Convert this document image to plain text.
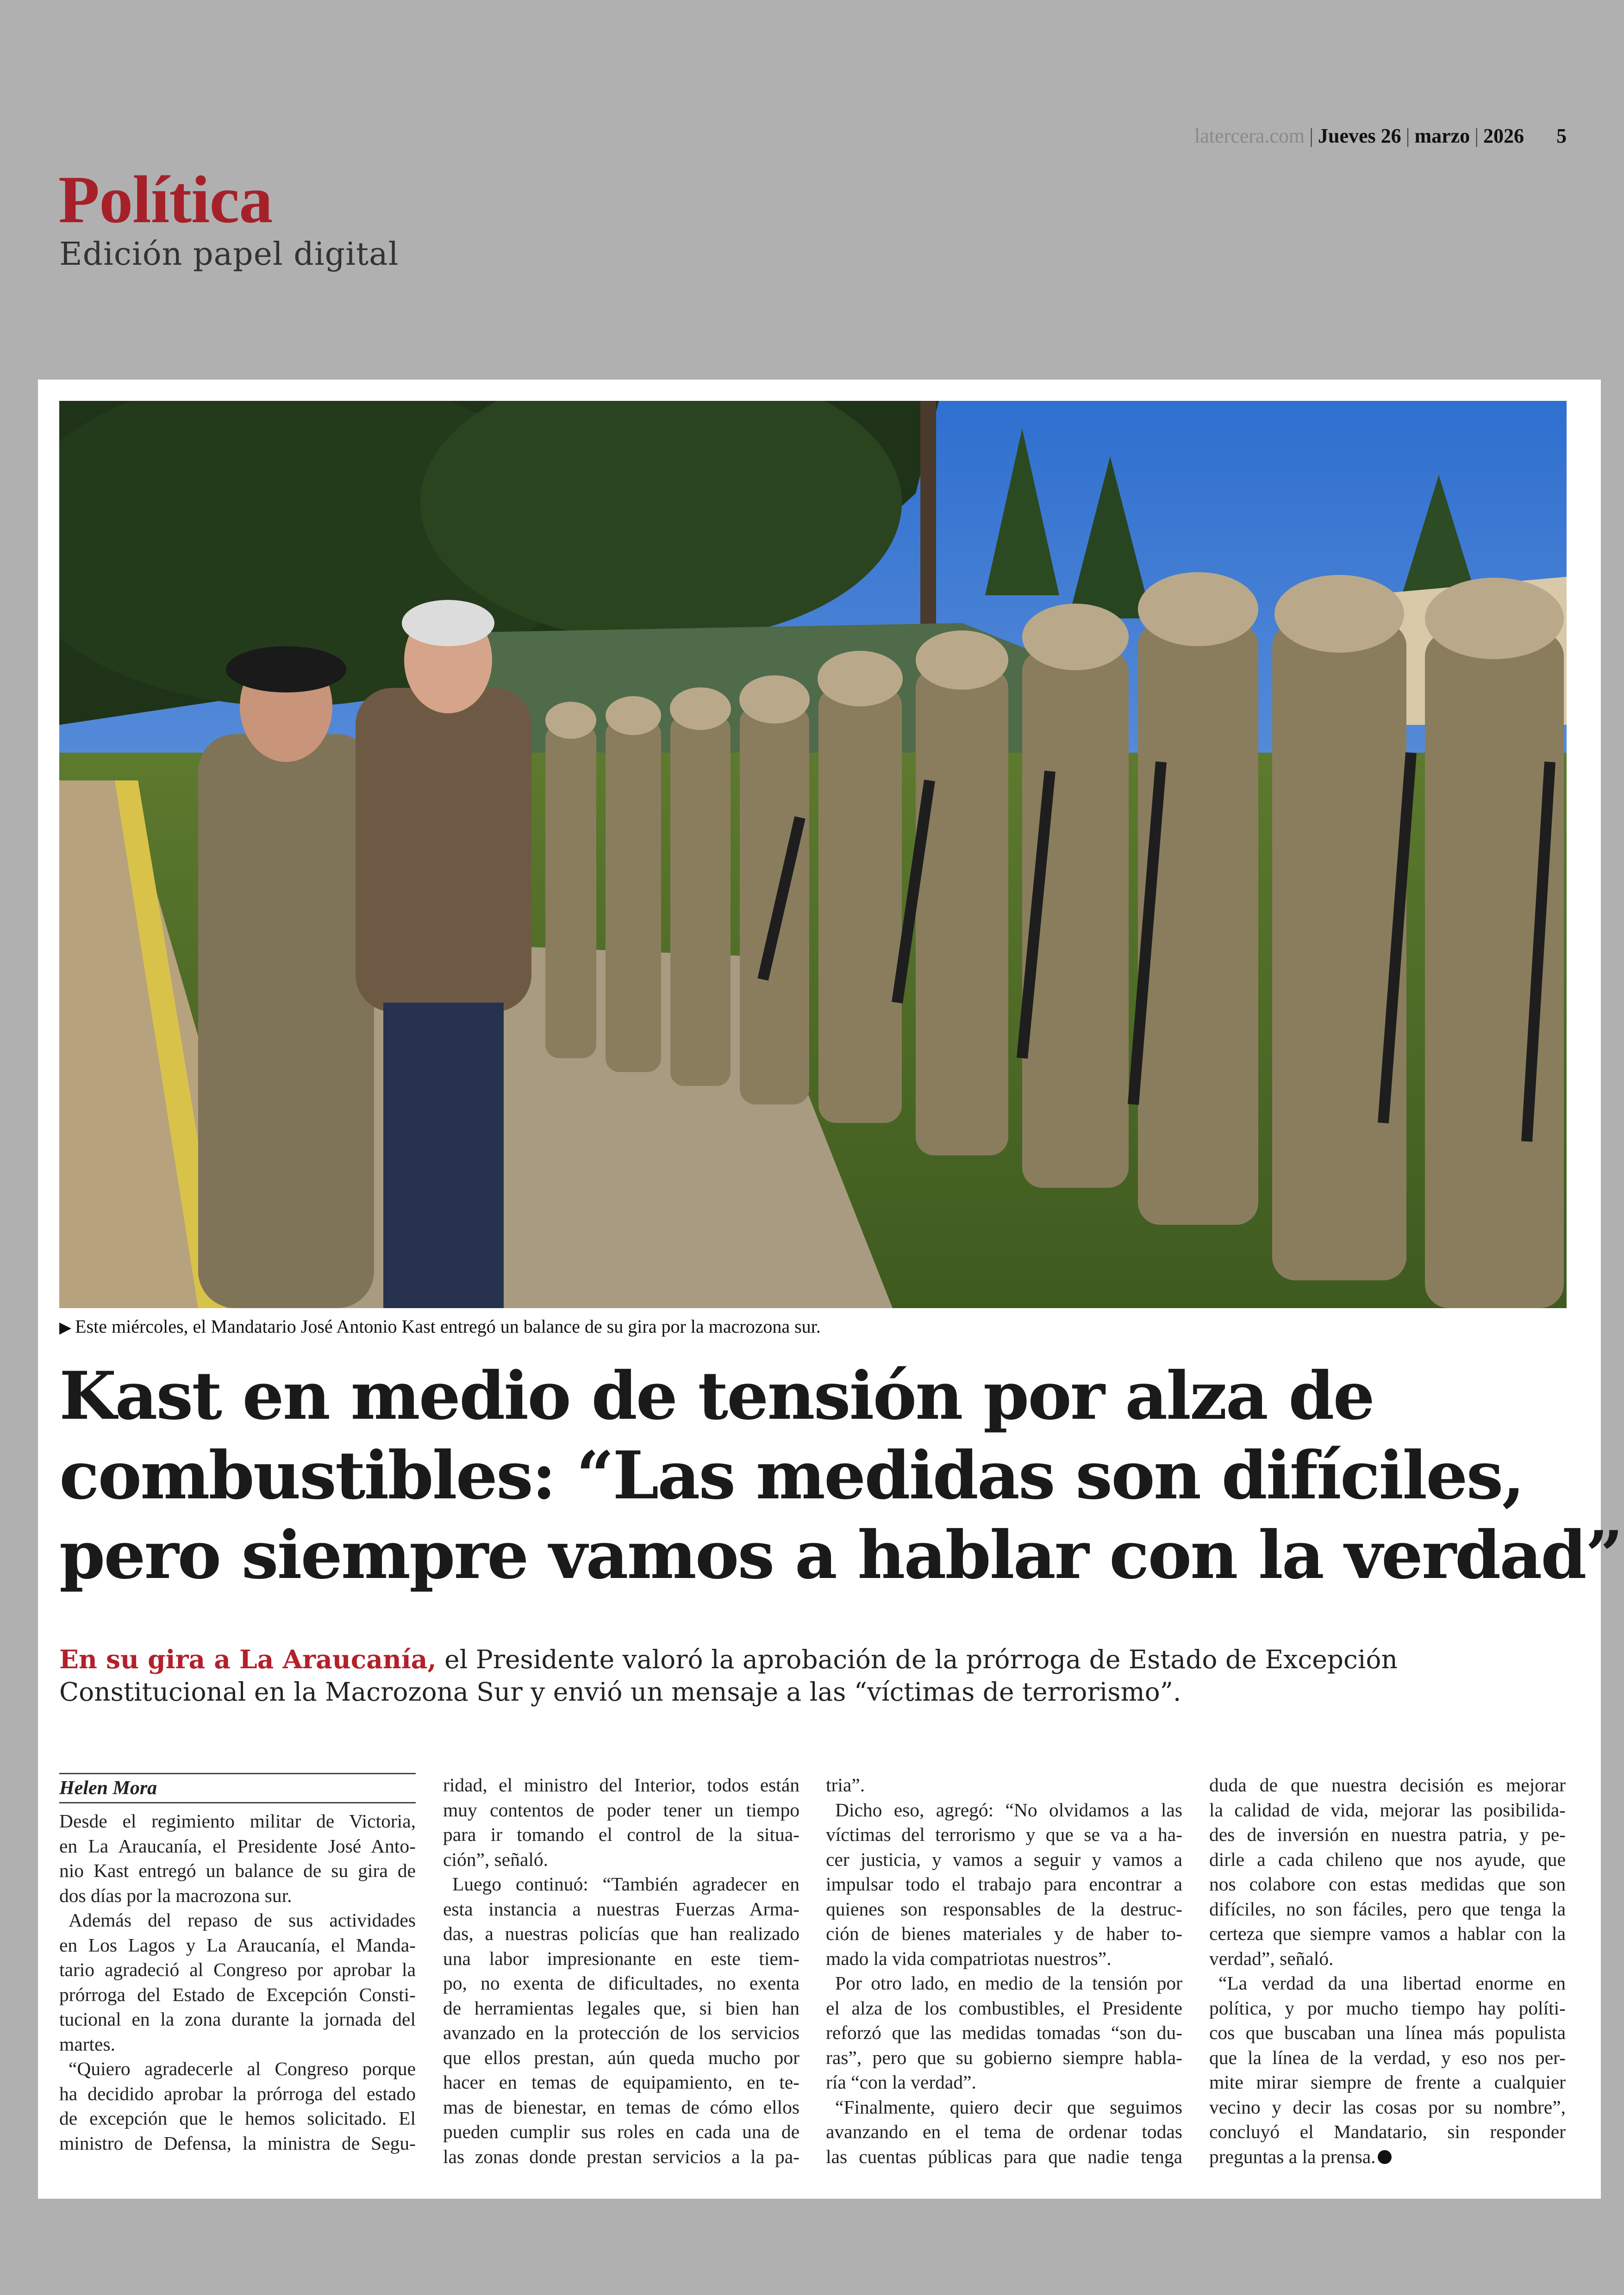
latercera.com | Jueves 26 | marzo | 2026 5
Política
Edición papel digital
▶ Este miércoles, el Mandatario José Antonio Kast entregó un balance de su gira por la macrozona sur.
Kast en medio de tensión por alza de
combustibles: “Las medidas son difíciles,
pero siempre vamos a hablar con la verdad”
En su gira a La Araucanía, el Presidente valoró la aprobación de la prórroga de Estado de Excepción
Constitucional en la Macrozona Sur y envió un mensaje a las “víctimas de terrorismo”.
Helen Mora
Desde el regimiento militar de Victoria,
en La Araucanía, el Presidente José Anto-
nio Kast entregó un balance de su gira de
dos días por la macrozona sur.
Además del repaso de sus actividades
en Los Lagos y La Araucanía, el Manda-
tario agradeció al Congreso por aprobar la
prórroga del Estado de Excepción Consti-
tucional en la zona durante la jornada del
martes.
“Quiero agradecerle al Congreso porque
ha decidido aprobar la prórroga del estado
de excepción que le hemos solicitado. El
ministro de Defensa, la ministra de Segu-
ridad, el ministro del Interior, todos están
muy contentos de poder tener un tiempo
para ir tomando el control de la situa-
ción”, señaló.
Luego continuó: “También agradecer en
esta instancia a nuestras Fuerzas Arma-
das, a nuestras policías que han realizado
una labor impresionante en este tiem-
po, no exenta de dificultades, no exenta
de herramientas legales que, si bien han
avanzado en la protección de los servicios
que ellos prestan, aún queda mucho por
hacer en temas de equipamiento, en te-
mas de bienestar, en temas de cómo ellos
pueden cumplir sus roles en cada una de
las zonas donde prestan servicios a la pa-
tria”.
Dicho eso, agregó: “No olvidamos a las
víctimas del terrorismo y que se va a ha-
cer justicia, y vamos a seguir y vamos a
impulsar todo el trabajo para encontrar a
quienes son responsables de la destruc-
ción de bienes materiales y de haber to-
mado la vida compatriotas nuestros”.
Por otro lado, en medio de la tensión por
el alza de los combustibles, el Presidente
reforzó que las medidas tomadas “son du-
ras”, pero que su gobierno siempre habla-
ría “con la verdad”.
“Finalmente, quiero decir que seguimos
avanzando en el tema de ordenar todas
las cuentas públicas para que nadie tenga
duda de que nuestra decisión es mejorar
la calidad de vida, mejorar las posibilida-
des de inversión en nuestra patria, y pe-
dirle a cada chileno que nos ayude, que
nos colabore con estas medidas que son
difíciles, no son fáciles, pero que tenga la
certeza que siempre vamos a hablar con la
verdad”, señaló.
“La verdad da una libertad enorme en
política, y por mucho tiempo hay políti-
cos que buscaban una línea más populista
que la línea de la verdad, y eso nos per-
mite mirar siempre de frente a cualquier
vecino y decir las cosas por su nombre”,
concluyó el Mandatario, sin responder
preguntas a la prensa.
